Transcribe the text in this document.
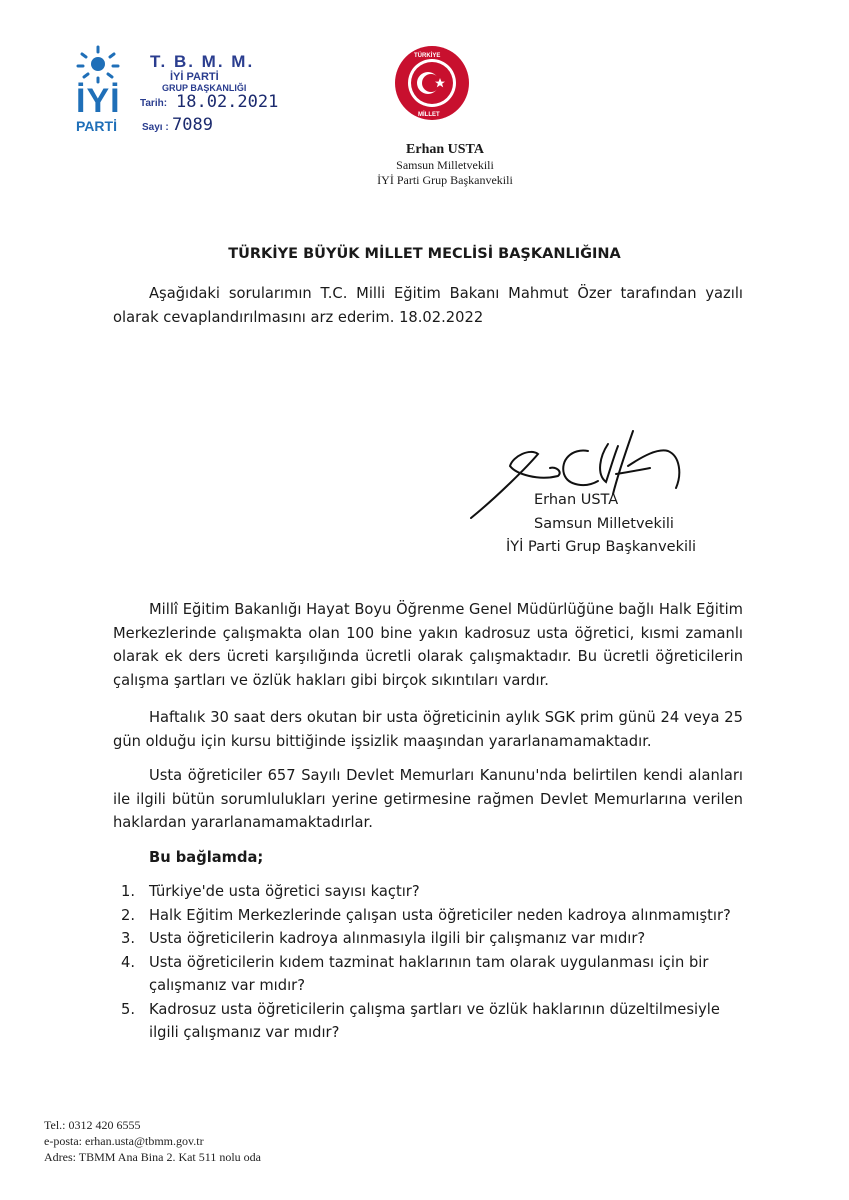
İYİ
PARTİ
T. B. M. M.
İYİ PARTİ
GRUP BAŞKANLIĞI
Tarih: 18.02.2021
Sayı : 7089
TÜRKİYE
MİLLET
Erhan USTA
Samsun Milletvekili
İYİ Parti Grup Başkanvekili
TÜRKİYE BÜYÜK MİLLET MECLİSİ BAŞKANLIĞINA
Aşağıdaki sorularımın T.C. Milli Eğitim Bakanı Mahmut Özer tarafından yazılı olarak cevaplandırılmasını arz ederim. 18.02.2022
Erhan USTA
Samsun Milletvekili
İYİ Parti Grup Başkanvekili
Millî Eğitim Bakanlığı Hayat Boyu Öğrenme Genel Müdürlüğüne bağlı Halk Eğitim Merkezlerinde çalışmakta olan 100 bine yakın kadrosuz usta öğretici, kısmi zamanlı olarak ek ders ücreti karşılığında ücretli olarak çalışmaktadır. Bu ücretli öğreticilerin çalışma şartları ve özlük hakları gibi birçok sıkıntıları vardır.
Haftalık 30 saat ders okutan bir usta öğreticinin aylık SGK prim günü 24 veya 25 gün olduğu için kursu bittiğinde işsizlik maaşından yararlanamamaktadır.
Usta öğreticiler 657 Sayılı Devlet Memurları Kanunu'nda belirtilen kendi alanları ile ilgili bütün sorumlulukları yerine getirmesine rağmen Devlet Memurlarına verilen haklardan yararlanamamaktadırlar.
Bu bağlamda;
1. Türkiye'de usta öğretici sayısı kaçtır?
2. Halk Eğitim Merkezlerinde çalışan usta öğreticiler neden kadroya alınmamıştır?
3. Usta öğreticilerin kadroya alınmasıyla ilgili bir çalışmanız var mıdır?
4. Usta öğreticilerin kıdem tazminat haklarının tam olarak uygulanması için bir çalışmanız var mıdır?
5. Kadrosuz usta öğreticilerin çalışma şartları ve özlük haklarının düzeltilmesiyle ilgili çalışmanız var mıdır?
Tel.: 0312 420 6555
e-posta: erhan.usta@tbmm.gov.tr
Adres: TBMM Ana Bina 2. Kat 511 nolu oda
